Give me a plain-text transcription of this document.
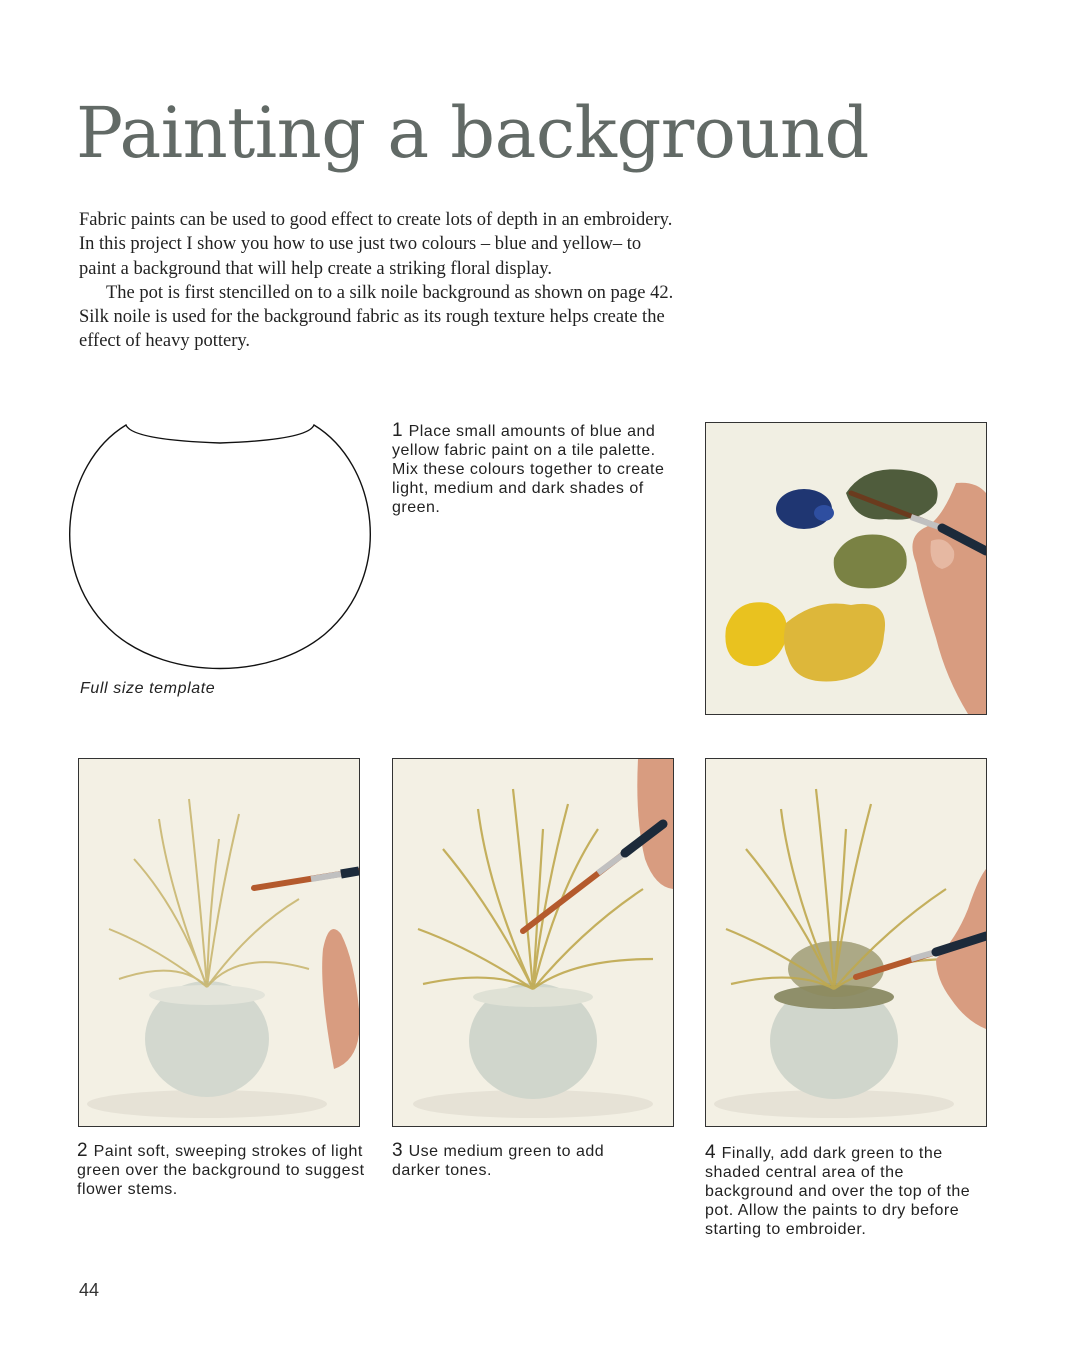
Painting a background

Fabric paints can be used to good effect to create lots of depth in an embroidery. In this project I show you how to use just two colours – blue and yellow– to paint a background that will help create a striking floral display.

The pot is first stencilled on to a silk noile background as shown on page 42. Silk noile is used for the background fabric as its rough texture helps create the effect of heavy pottery.

Full size template
1 Place small amounts of blue and yellow fabric paint on a tile palette. Mix these colours together to create light, medium and dark shades of green.
2 Paint soft, sweeping strokes of light green over the background to suggest flower stems.
3 Use medium green to add darker tones.
4 Finally, add dark green to the shaded central area of the background and over the top of the pot. Allow the paints to dry before starting to embroider.
44
